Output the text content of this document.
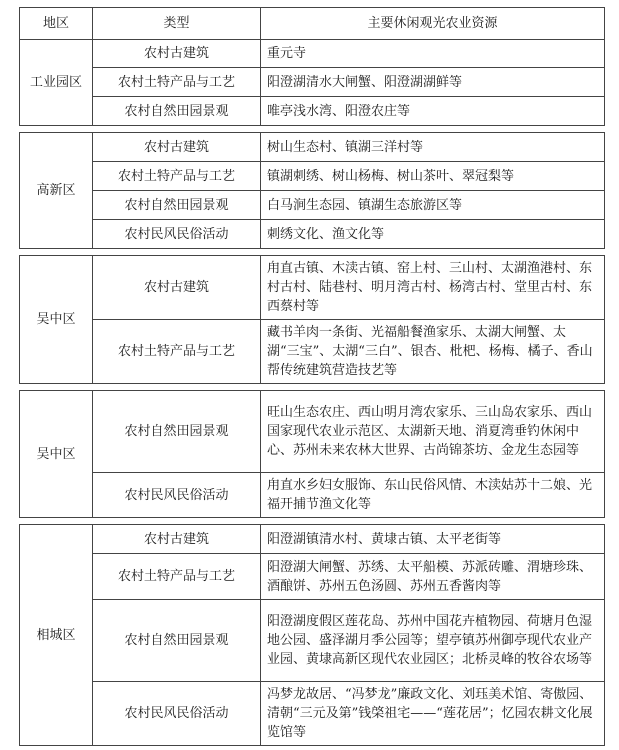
地区	类型	主要休闲观光农业资源
工业园区	农村古建筑	重元寺
	农村土特产品与工艺	阳澄湖清水大闸蟹、阳澄湖湖鲜等
	农村自然田园景观	唯亭浅水湾、阳澄农庄等

高新区	农村古建筑	树山生态村、镇湖三洋村等
	农村土特产品与工艺	镇湖刺绣、树山杨梅、树山茶叶、翠冠梨等
	农村自然田园景观	白马涧生态园、镇湖生态旅游区等
	农村民风民俗活动	刺绣文化、渔文化等

吴中区	农村古建筑	甪直古镇、木渎古镇、窑上村、三山村、太湖渔港村、东村古村、陆巷村、明月湾古村、杨湾古村、堂里古村、东西蔡村等
	农村土特产品与工艺	藏书羊肉一条街、光福船餐渔家乐、太湖大闸蟹、太湖“三宝”、太湖“三白”、银杏、枇杷、杨梅、橘子、香山帮传统建筑营造技艺等

吴中区	农村自然田园景观	旺山生态农庄、西山明月湾农家乐、三山岛农家乐、西山国家现代农业示范区、太湖新天地、消夏湾垂钓休闲中心、苏州未来农林大世界、古尚锦茶坊、金龙生态园等
	农村民风民俗活动	甪直水乡妇女服饰、东山民俗风情、木渎姑苏十二娘、光福开捕节渔文化等

相城区	农村古建筑	阳澄湖镇清水村、黄埭古镇、太平老街等
	农村土特产品与工艺	阳澄湖大闸蟹、苏绣、太平船模、苏派砖雕、渭塘珍珠、酒酿饼、苏州五色汤圆、苏州五香酱肉等
	农村自然田园景观	阳澄湖度假区莲花岛、苏州中国花卉植物园、荷塘月色湿地公园、盛泽湖月季公园等；望亭镇苏州御亭现代农业产业园、黄埭高新区现代农业园区；北桥灵峰的牧谷农场等
	农村民风民俗活动	冯梦龙故居、“冯梦龙”廉政文化、刘珏美术馆、寄傲园、清朝“三元及第”钱棨祖宅——“莲花居”；忆园农耕文化展览馆等
